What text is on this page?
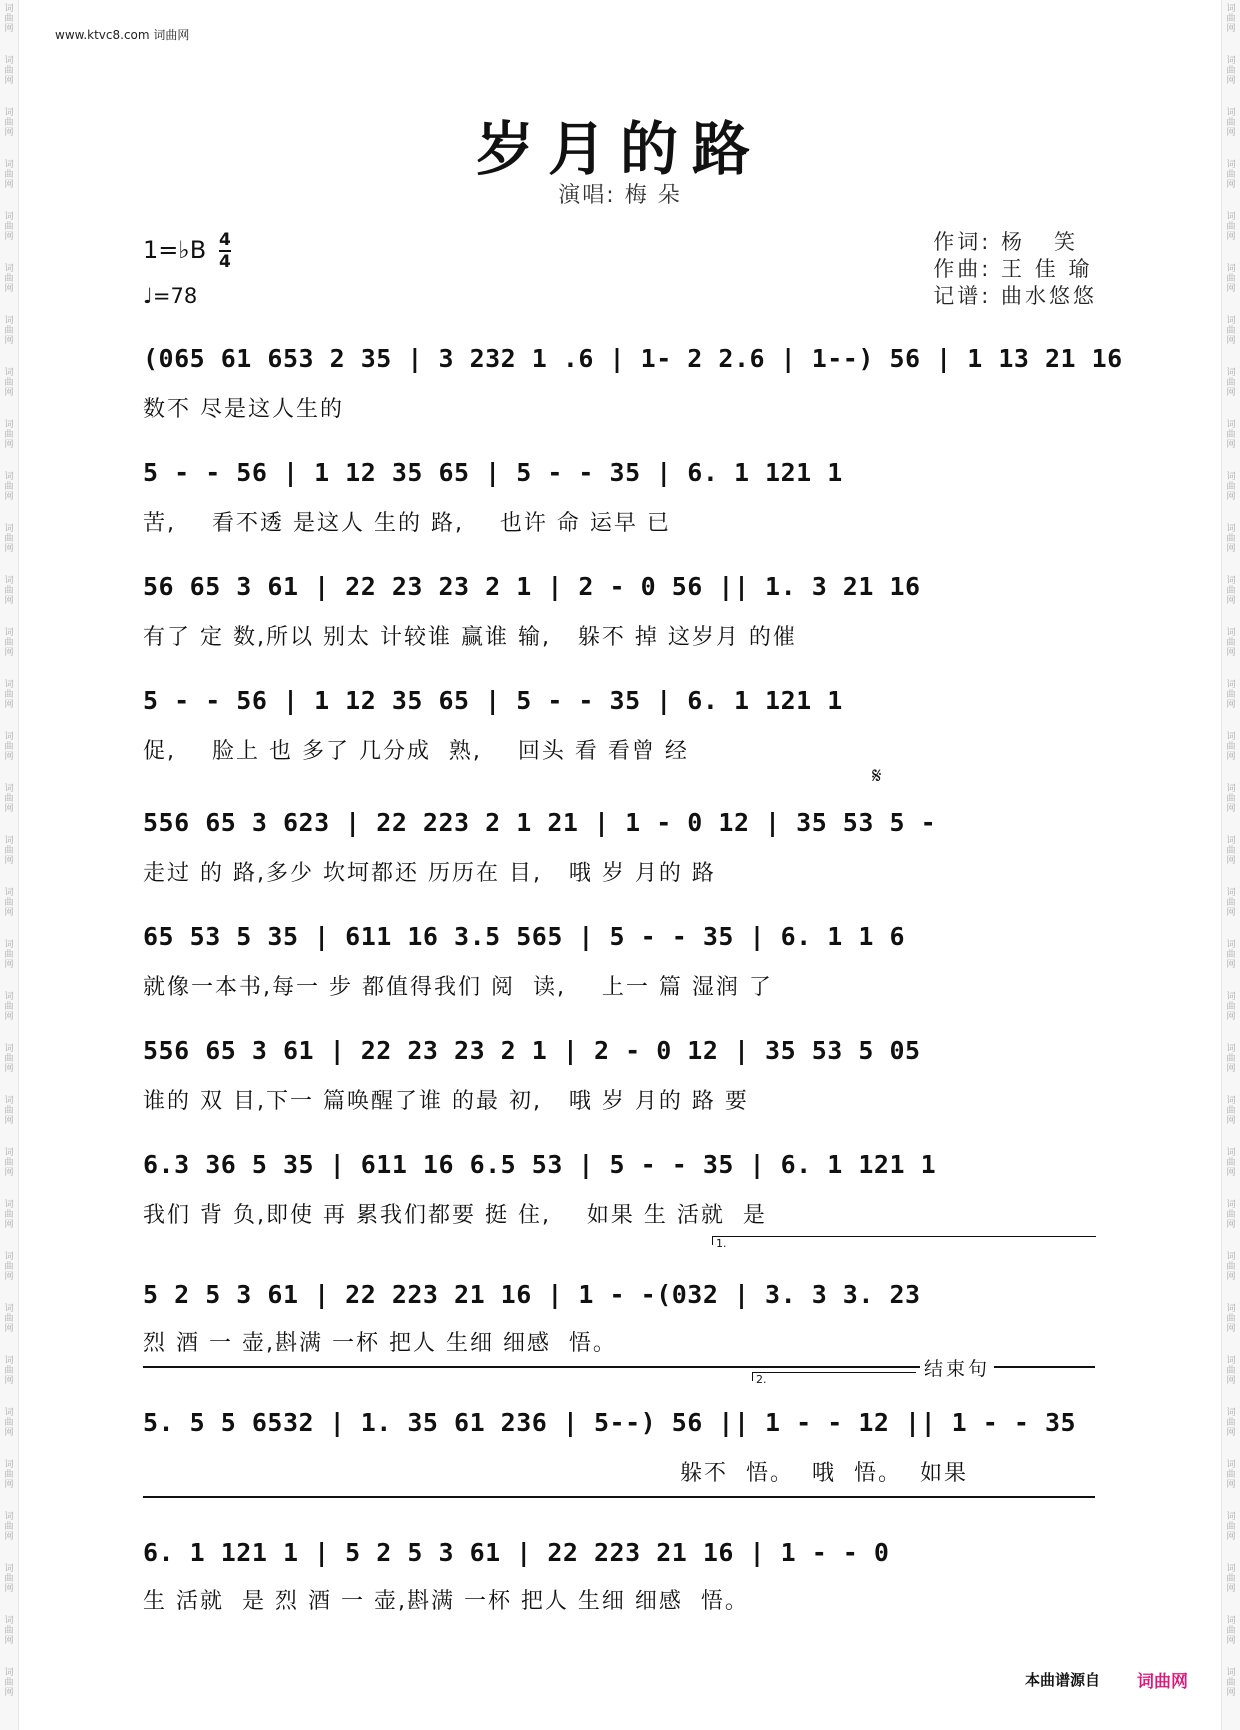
词
曲
网
词
曲
网
词
曲
网
词
曲
网
词
曲
网
词
曲
网
词
曲
网
词
曲
网
词
曲
网
词
曲
网
词
曲
网
词
曲
网
词
曲
网
词
曲
网
词
曲
网
词
曲
网
词
曲
网
词
曲
网
词
曲
网
词
曲
网
词
曲
网
词
曲
网
词
曲
网
词
曲
网
词
曲
网
词
曲
网
词
曲
网
词
曲
网
词
曲
网
词
曲
网
词
曲
网
词
曲
网
词
曲
网
词
曲
网
词
曲
网
词
曲
网
词
曲
网
词
曲
网
词
曲
网
词
曲
网
词
曲
网
词
曲
网
词
曲
网
词
曲
网
词
曲
网
词
曲
网
词
曲
网
词
曲
网
词
曲
网
词
曲
网
词
曲
网
词
曲
网
词
曲
网
词
曲
网
词
曲
网
词
曲
网
词
曲
网
词
曲
网
词
曲
网
词
曲
网
词
曲
网
词
曲
网
词
曲
网
词
曲
网
词
曲
网
词
曲
网
www.ktvc8.com 词曲网
岁月的路
演唱: 梅 朵
1=♭B 4
4
♩=78
作词: 杨   笑
作曲: 王 佳 瑜
记谱: 曲水悠悠
(065 61 653 2 35 | 3 232 1 .6 | 1- 2 2.6 | 1--) 56 | 1 13 21 16
数不 尽是这人生的
5 - - 56 | 1 12 35 65 | 5 - - 35 | 6. 1 121 1
苦,    看不透 是这人 生的 路,    也许 命 运早 已
56 65 3 61 | 22 23 23 2 1 | 2 - 0 56 || 1. 3 21 16
有了 定 数,所以 别太 计较谁 赢谁 输,   躲不 掉 这岁月 的催
5 - - 56 | 1 12 35 65 | 5 - - 35 | 6. 1 121 1
促,    脸上 也 多了 几分成  熟,    回头 看 看曾 经
𝄋
556 65 3 623 | 22 223 2 1 21 | 1 - 0 12 | 35 53 5 -
走过 的 路,多少 坎坷都还 历历在 目,   哦 岁 月的 路
65 53 5 35 | 611 16 3.5 565 | 5 - - 35 | 6. 1 1 6
就像一本书,每一 步 都值得我们 阅  读,    上一 篇 湿润 了
556 65 3 61 | 22 23 23 2 1 | 2 - 0 12 | 35 53 5 05
谁的 双 目,下一 篇唤醒了谁 的最 初,   哦 岁 月的 路 要
6.3 36 5 35 | 611 16 6.5 53 | 5 - - 35 | 6. 1 121 1
我们 背 负,即使 再 累我们都要 挺 住,    如果 生 活就  是
1.
5 2 5 3 61 | 22 223 21 16 | 1 - -(032 | 3. 3 3. 23
烈 酒 一 壶,斟满 一杯 把人 生细 细感  悟。
结束句
2.
5. 5 5 6532 | 1. 35 61 236 | 5--) 56 || 1 - - 12 || 1 - - 35
躲不  悟。  哦  悟。  如果
6. 1 121 1 | 5 2 5 3 61 | 22 223 21 16 | 1 - - 0
生 活就  是 烈 酒 一 壶,斟满 一杯 把人 生细 细感  悟。
本曲谱源自 词曲网
